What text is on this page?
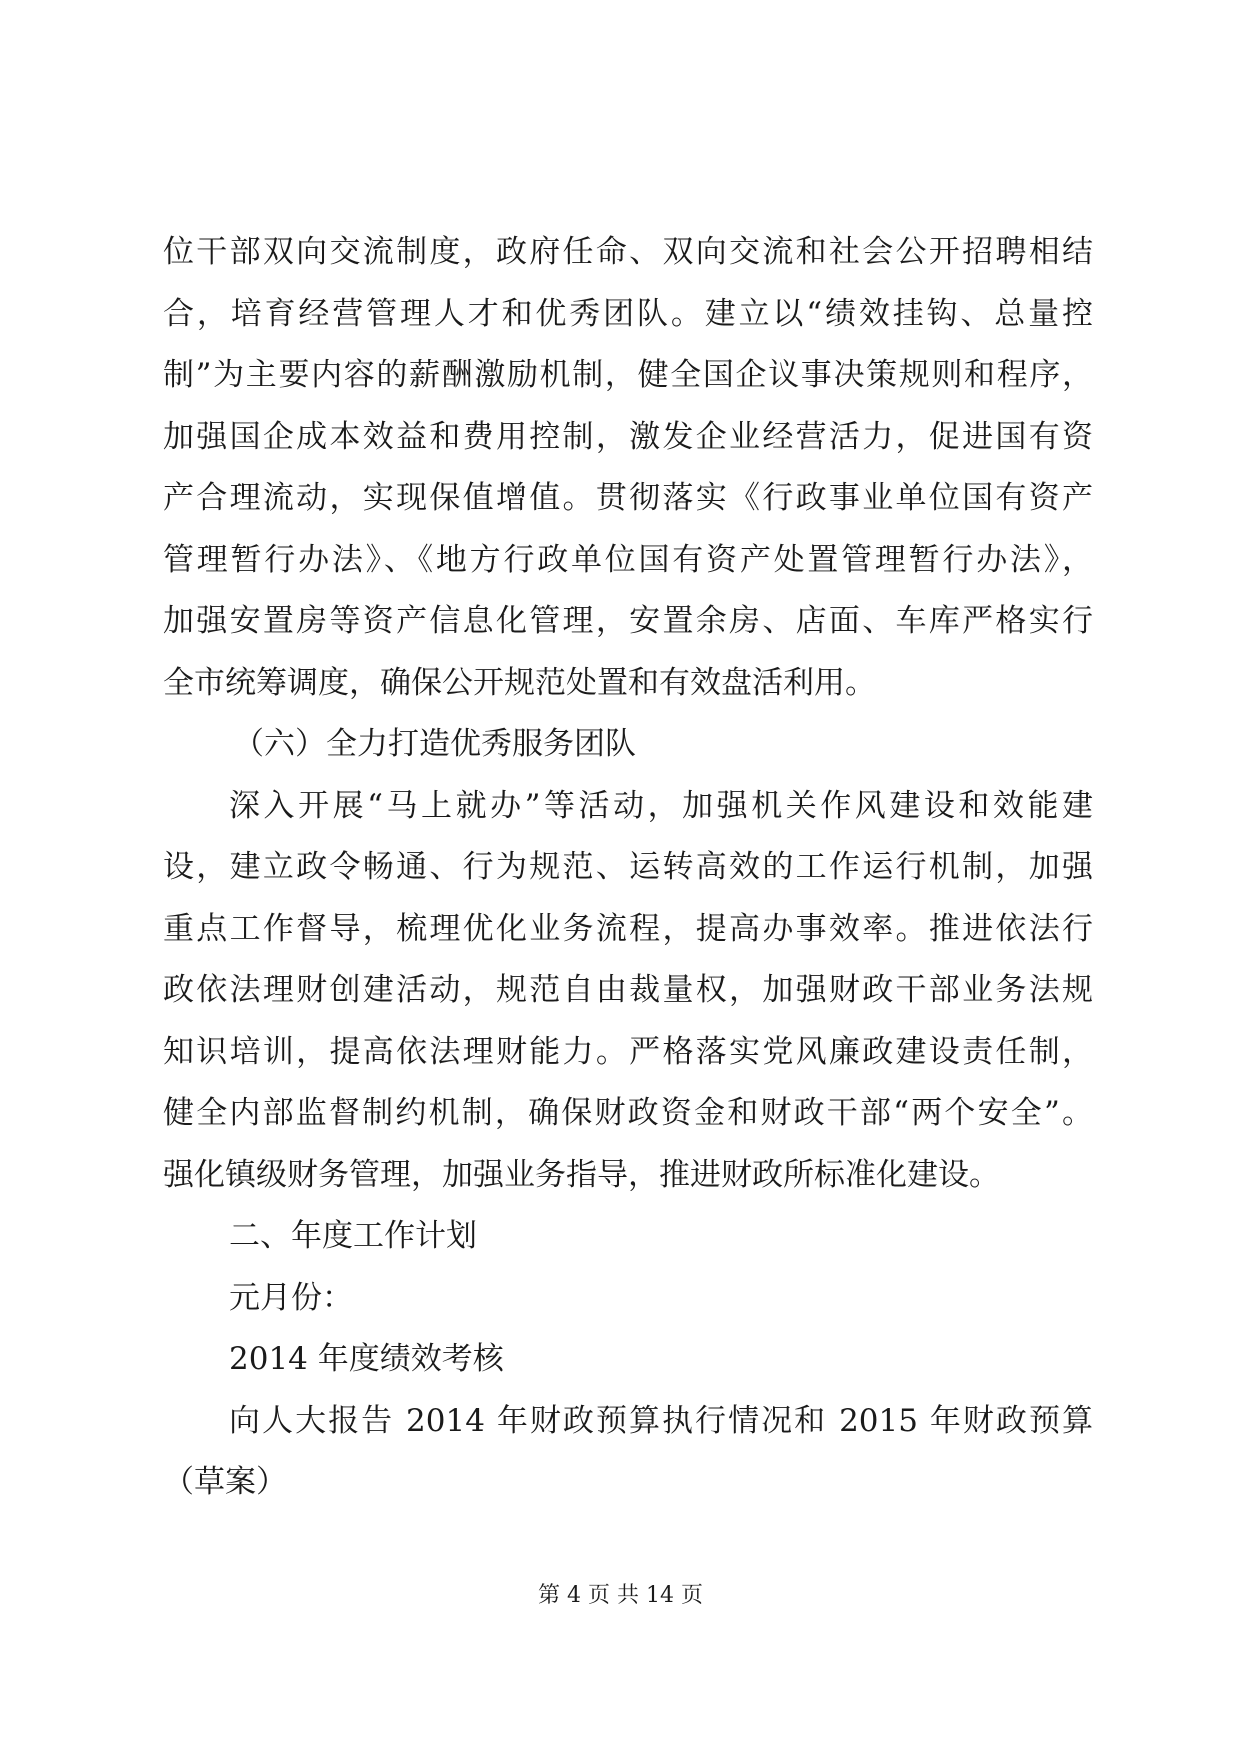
位干部双向交流制度，政府任命、双向交流和社会公开招聘相结
合，培育经营管理人才和优秀团队。建立以“绩效挂钩、总量控
制”为主要内容的薪酬激励机制，健全国企议事决策规则和程序，
加强国企成本效益和费用控制，激发企业经营活力，促进国有资
产合理流动，实现保值增值。贯彻落实《行政事业单位国有资产
管理暂行办法》、《地方行政单位国有资产处置管理暂行办法》，
加强安置房等资产信息化管理，安置余房、店面、车库严格实行
全市统筹调度，确保公开规范处置和有效盘活利用。
（六）全力打造优秀服务团队
深入开展“马上就办”等活动，加强机关作风建设和效能建
设，建立政令畅通、行为规范、运转高效的工作运行机制，加强
重点工作督导，梳理优化业务流程，提高办事效率。推进依法行
政依法理财创建活动，规范自由裁量权，加强财政干部业务法规
知识培训，提高依法理财能力。严格落实党风廉政建设责任制，
健全内部监督制约机制，确保财政资金和财政干部“两个安全”。
强化镇级财务管理，加强业务指导，推进财政所标准化建设。
二、年度工作计划
元月份：
2014 年度绩效考核
向人大报告 2014 年财政预算执行情况和 2015 年财政预算
（草案）
第 4 页 共 14 页
